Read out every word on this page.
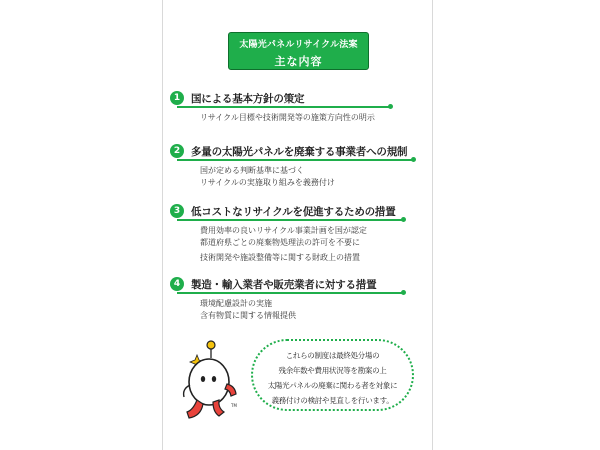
太陽光パネルリサイクル法案
主な内容
1	国による基本方針の策定
リサイクル目標や技術開発等の施策方向性の明示
2	多量の太陽光パネルを廃棄する事業者への規制
国が定める判断基準に基づく
リサイクルの実施取り組みを義務付け
3	低コストなリサイクルを促進するための措置
費用効率の良いリサイクル事業計画を国が認定
都道府県ごとの廃棄物処理法の許可を不要に
技術開発や施設整備等に関する財政上の措置
4	製造・輸入業者や販売業者に対する措置
環境配慮設計の実施
含有物質に関する情報提供
TM
これらの制度は最終処分場の
残余年数や費用状況等を勘案の上
太陽光パネルの廃棄に関わる者を対象に
義務付けの検討や見直しを行います。
